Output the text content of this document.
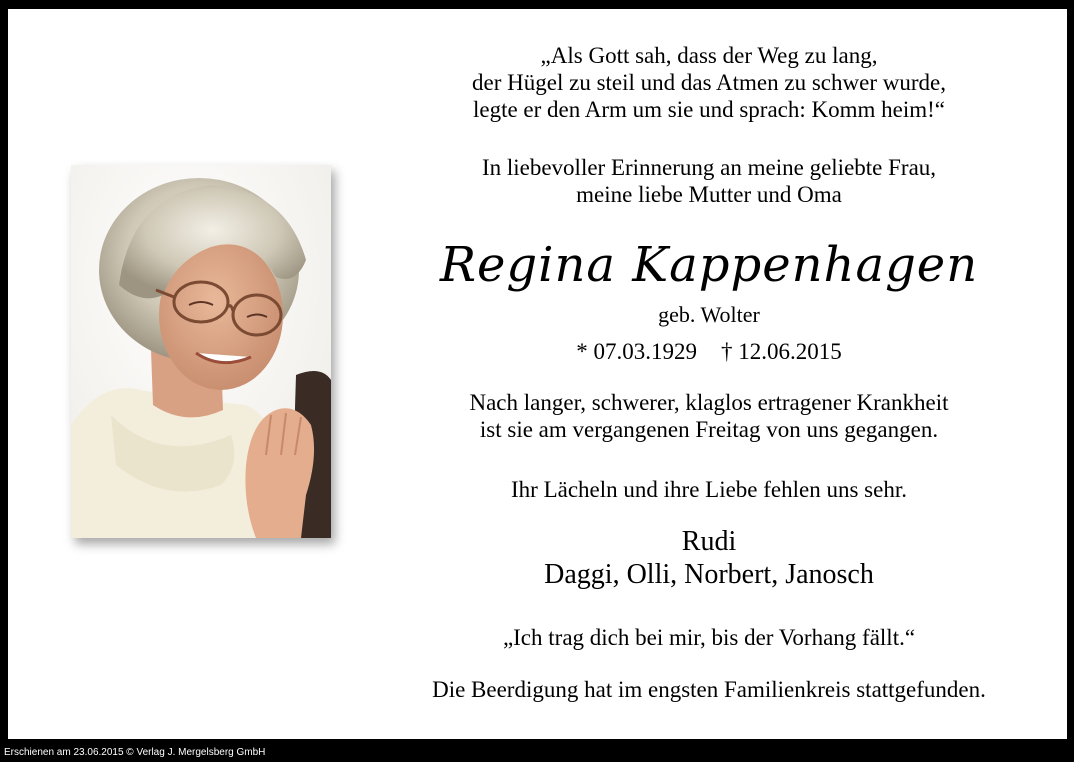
„Als Gott sah, dass der Weg zu lang,
der Hügel zu steil und das Atmen zu schwer wurde,
legte er den Arm um sie und sprach: Komm heim!“

In liebevoller Erinnerung an meine geliebte Frau,
meine liebe Mutter und Oma

Regina Kappenhagen
geb. Wolter
* 07.03.1929 † 12.06.2015

Nach langer, schwerer, klaglos ertragener Krankheit
ist sie am vergangenen Freitag von uns gegangen.

Ihr Lächeln und ihre Liebe fehlen uns sehr.
Rudi
Daggi, Olli, Norbert, Janosch
„Ich trag dich bei mir, bis der Vorhang fällt.“
Die Beerdigung hat im engsten Familienkreis stattgefunden.
Erschienen am 23.06.2015 © Verlag J. Mergelsberg GmbH
